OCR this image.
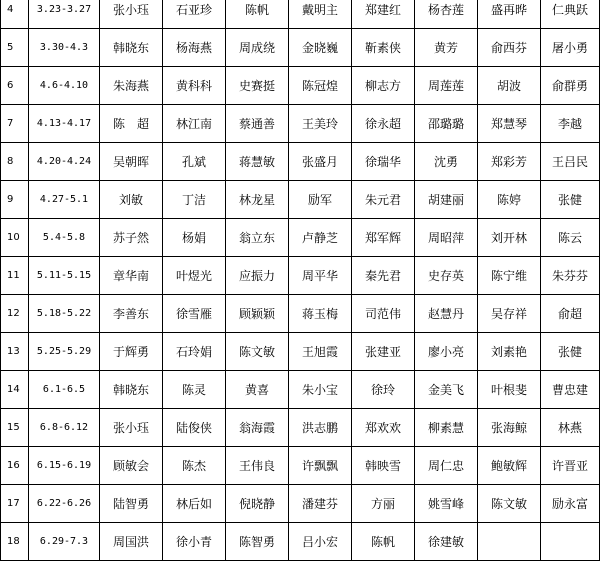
4	3.23-3.27	张小珏	石亚珍	陈帆	戴明主	郑建红	杨杏莲	盛再晔	仁典跃
5	3.30-4.3	韩晓东	杨海燕	周成绕	金晓巍	靳素侠	黄芳	俞西芬	屠小勇
6	4.6-4.10	朱海燕	黄科科	史赛挺	陈冠煌	柳志方	周莲莲	胡波	俞群勇
7	4.13-4.17	陈　超	林江南	蔡通善	王美玲	徐永超	邵璐璐	郑慧琴	李越
8	4.20-4.24	吴朝晖	孔斌	蒋慧敏	张盛月	徐瑞华	沈勇	郑彩芳	王吕民
9	4.27-5.1	刘敏	丁洁	林龙星	励军	朱元君	胡建丽	陈婷	张健
10	5.4-5.8	苏子然	杨娟	翁立东	卢静芝	郑军辉	周昭萍	刘开林	陈云
11	5.11-5.15	章华南	叶煜光	应振力	周平华	秦先君	史存英	陈宁维	朱芬芬
12	5.18-5.22	李善东	徐雪雁	顾颖颖	蒋玉梅	司范伟	赵慧丹	吴存祥	俞超
13	5.25-5.29	于辉勇	石玲娟	陈文敏	王旭霞	张建亚	廖小亮	刘素艳	张健
14	6.1-6.5	韩晓东	陈灵	黄喜	朱小宝	徐玲	金美飞	叶根斐	曹忠建
15	6.8-6.12	张小珏	陆俊侠	翁海霞	洪志鹏	郑欢欢	柳素慧	张海鲸	林燕
16	6.15-6.19	顾敏会	陈杰	王伟良	许飘飘	韩映雪	周仁忠	鲍敏辉	许晋亚
17	6.22-6.26	陆智勇	林后如	倪晓静	潘建芬	方丽	姚雪峰	陈文敏	励永富
18	6.29-7.3	周国洪	徐小青	陈智勇	吕小宏	陈帆	徐建敏		
